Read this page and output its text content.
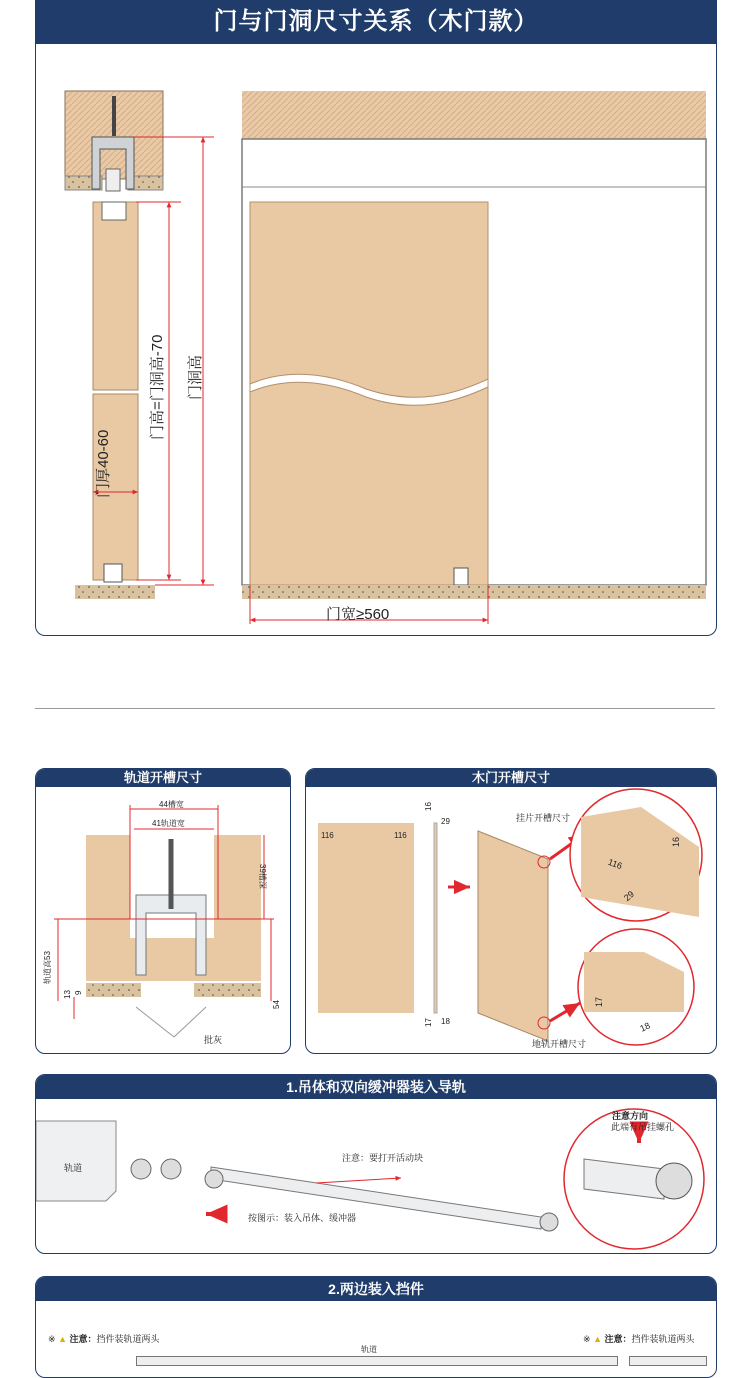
门与门洞尺寸关系（木门款）
门厚40-60
门高=门洞高-70 门洞高
门宽≥560
轨道开槽尺寸
44槽宽
41轨道宽
39槽深
轨道高53
13 9
54
批灰
木门开槽尺寸
116	116
16
29
17 18
挂片开槽尺寸
地轨开槽尺寸
116
16
29
17
18
1.吊体和双向缓冲器装入导轨
轨道
注意：要打开活动块
按图示：装入吊体、缓冲器
注意方向
此端有吊挂螺孔
2.两边装入挡件
※ ▲ 注意：挡件装轨道两头	※ ▲ 注意：挡件装轨道两头
轨道
